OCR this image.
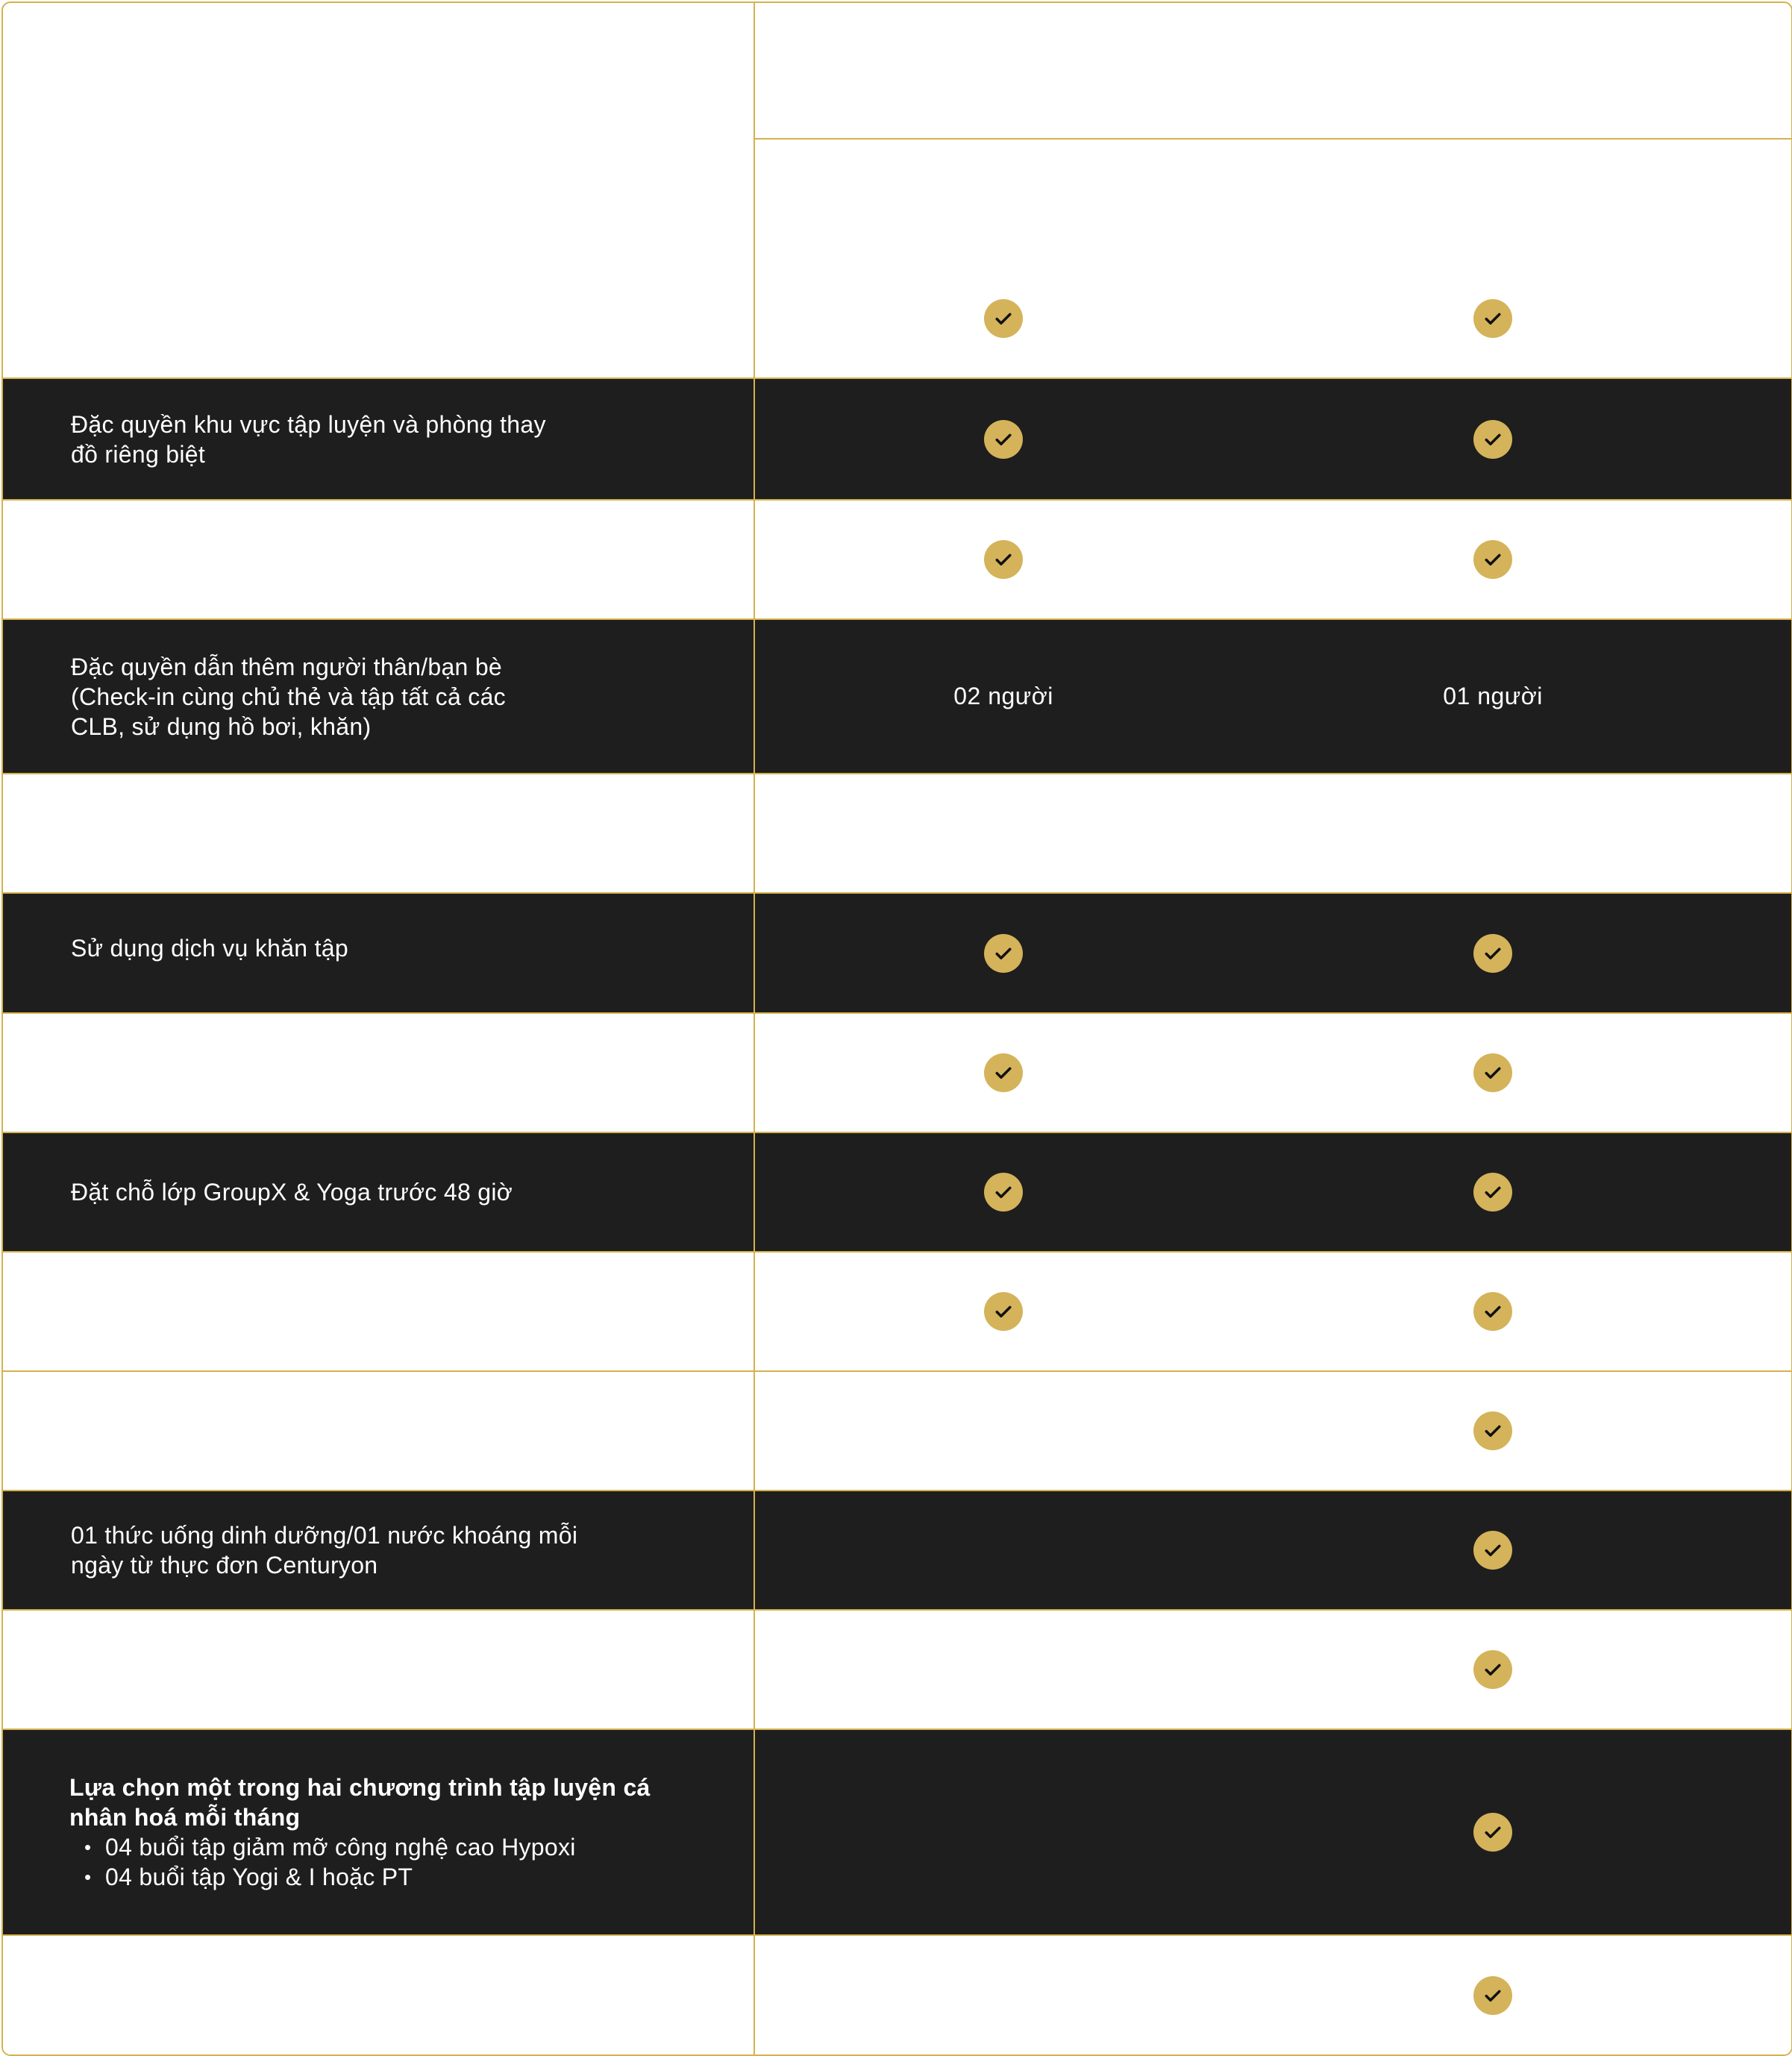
Đặc quyền khu vực tập luyện và phòng thay đồ riêng biệt
Đặc quyền dẫn thêm người thân/bạn bè (Check-in cùng chủ thẻ và tập tất cả các CLB, sử dụng hồ bơi, khăn)
02 người	01 người
Sử dụng dịch vụ khăn tập
Đặt chỗ lớp GroupX & Yoga trước 48 giờ
01 thức uống dinh dưỡng/01 nước khoáng mỗi ngày từ thực đơn Centuryon
Lựa chọn một trong hai chương trình tập luyện cá nhân hoá mỗi tháng
• 04 buổi tập giảm mỡ công nghệ cao Hypoxi
• 04 buổi tập Yogi & I hoặc PT
